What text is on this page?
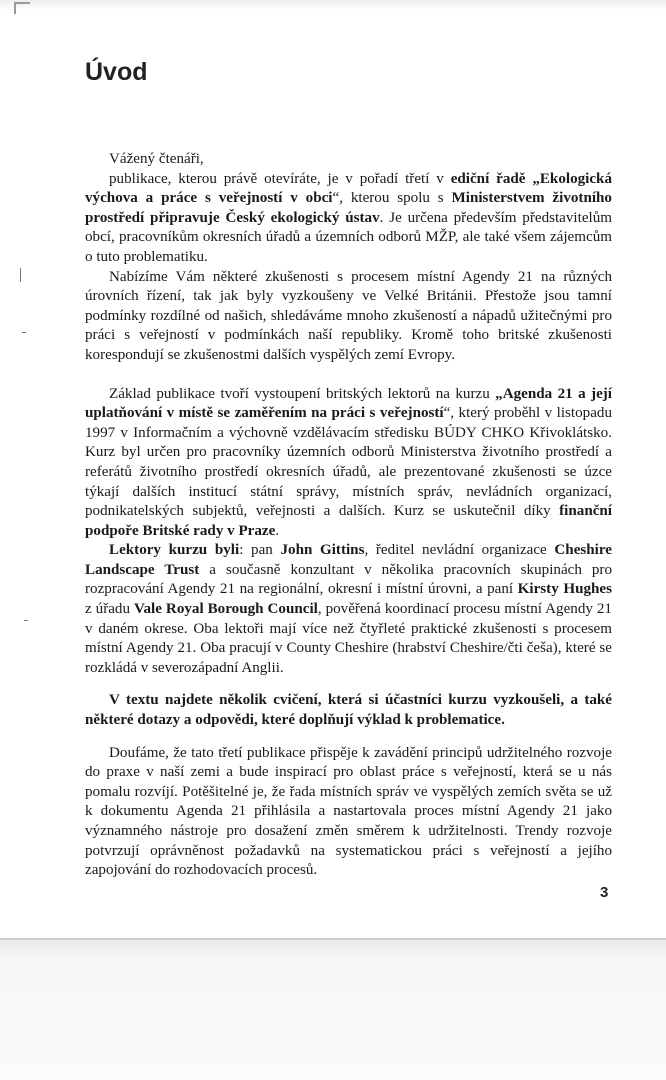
Úvod

Vážený čtenáři,

publikace, kterou právě otevíráte, je v pořadí třetí v ediční řadě „Ekologická výchova a práce s veřejností v obci“, kterou spolu s Ministerstvem životního prostředí připravuje Český ekologický ústav. Je určena především představitelům obcí, pracovníkům okresních úřadů a územních odborů MŽP, ale také všem zájemcům o tuto problematiku.

Nabízíme Vám některé zkušenosti s procesem místní Agendy 21 na různých úrovních řízení, tak jak byly vyzkoušeny ve Velké Británii. Přestože jsou tamní podmínky rozdílné od našich, shledáváme mnoho zkušeností a nápadů užitečnými pro práci s veřejností v podmínkách naší republiky. Kromě toho britské zkušenosti korespondují se zkušenostmi dalších vyspělých zemí Evropy.

Základ publikace tvoří vystoupení britských lektorů na kurzu „Agenda 21 a její uplatňování v místě se zaměřením na práci s veřejností“, který proběhl v listopadu 1997 v Informačním a výchovně vzdělávacím středisku BÚDY CHKO Křivoklátsko. Kurz byl určen pro pracovníky územních odborů Ministerstva životního prostředí a referátů životního prostředí okresních úřadů, ale prezentované zkušenosti se úzce týkají dalších institucí státní správy, místních správ, nevládních organizací, podnikatelských subjektů, veřejnosti a dalších. Kurz se uskutečnil díky finanční podpoře Britské rady v Praze.

Lektory kurzu byli: pan John Gittins, ředitel nevládní organizace Cheshire Landscape Trust a současně konzultant v několika pracovních skupinách pro rozpracování Agendy 21 na regionální, okresní i místní úrovni, a paní Kirsty Hughes z úřadu Vale Royal Borough Council, pověřená koordinací procesu místní Agendy 21 v daném okrese. Oba lektoři mají více než čtyřleté praktické zkušenosti s procesem místní Agendy 21. Oba pracují v County Cheshire (hrabství Cheshire/čti češa), které se rozkládá v severozápadní Anglii.

V textu najdete několik cvičení, která si účastníci kurzu vyzkoušeli, a také některé dotazy a odpovědi, které doplňují výklad k problematice.

Doufáme, že tato třetí publikace přispěje k zavádění principů udržitelného rozvoje do praxe v naší zemi a bude inspirací pro oblast práce s veřejností, která se u nás pomalu rozvíjí. Potěšitelné je, že řada místních správ ve vyspělých zemích světa se už k dokumentu Agenda 21 přihlásila a nastartovala proces místní Agendy 21 jako významného nástroje pro dosažení změn směrem k udržitelnosti. Trendy rozvoje potvrzují oprávněnost požadavků na systematickou práci s veřejností a jejího zapojování do rozhodovacích procesů.

3
